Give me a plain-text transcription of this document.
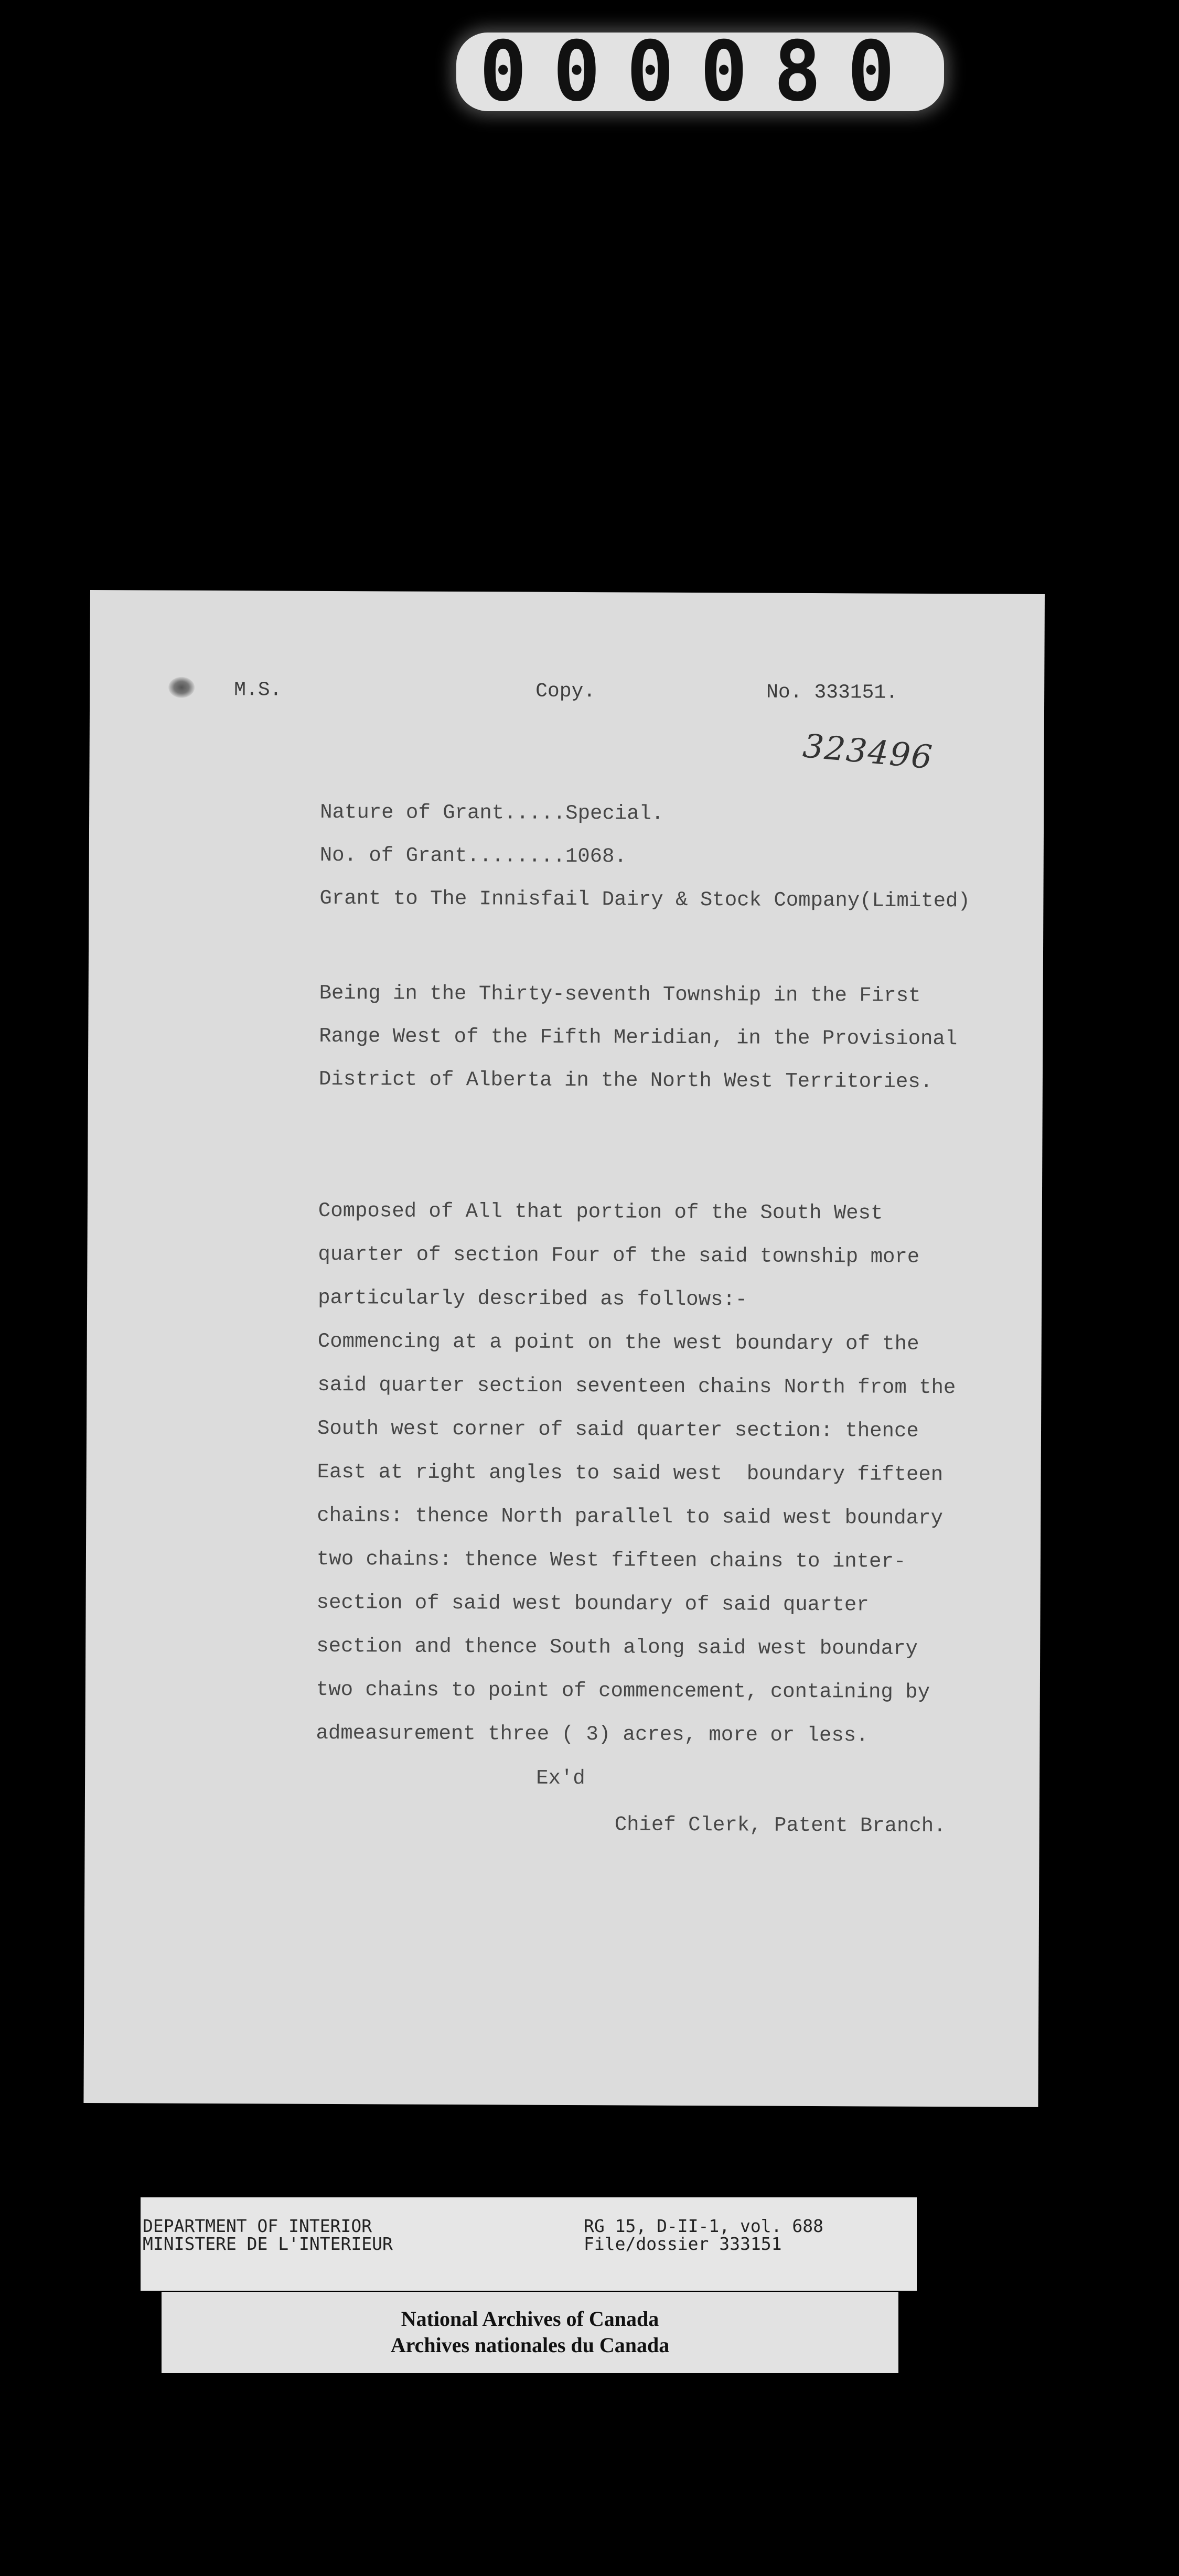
000080
M.S.	Copy.	No. 333151.
323496
Nature of Grant.....Special.
No. of Grant........1068.
Grant to The Innisfail Dairy & Stock Company(Limited)
Being in the Thirty-seventh Township in the First
Range West of the Fifth Meridian, in the Provisional
District of Alberta in the North West Territories.
Composed of All that portion of the South West
quarter of section Four of the said township more
particularly described as follows:-
Commencing at a point on the west boundary of the
said quarter section seventeen chains North from the
South west corner of said quarter section: thence
East at right angles to said west  boundary fifteen
chains: thence North parallel to said west boundary
two chains: thence West fifteen chains to inter-
section of said west boundary of said quarter
section and thence South along said west boundary
two chains to point of commencement, containing by
admeasurement three ( 3) acres, more or less.
Ex'd
Chief Clerk, Patent Branch.
DEPARTMENT OF INTERIOR
MINISTERE DE L'INTERIEUR
RG 15, D-II-1, vol. 688
File/dossier 333151
National Archives of Canada
Archives nationales du Canada
